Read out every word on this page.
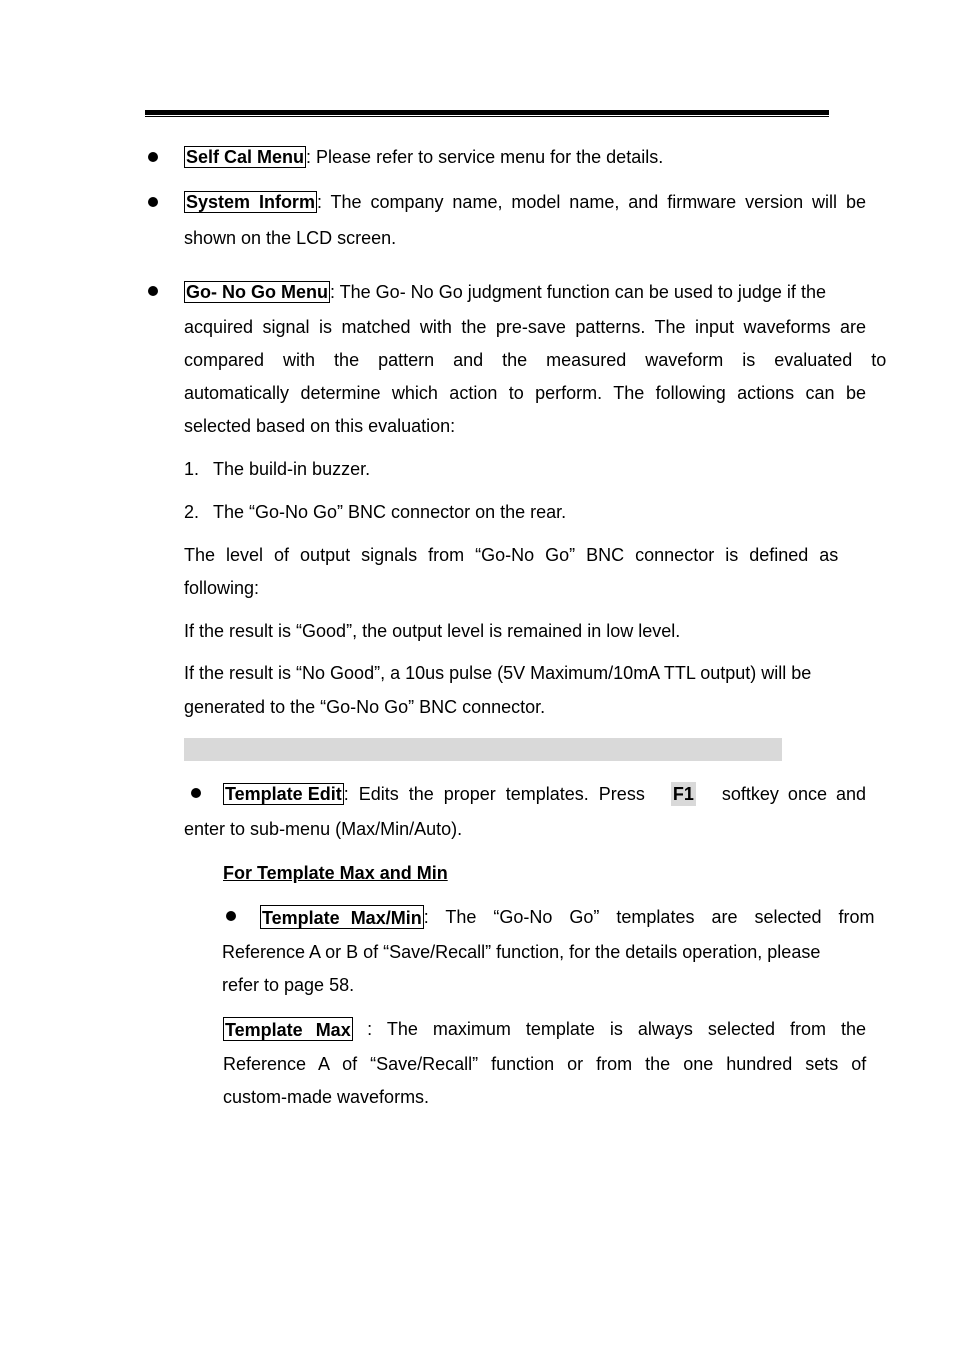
Self Cal Menu : Please refer to service menu for the details.
System Inform : The company name, model name, and firmware version will be
shown on the LCD screen.
Go- No Go Menu : The Go- No Go judgment function can be used to judge if the
acquired signal is matched with the pre-save patterns. The input waveforms are
compared with the pattern and the measured waveform is evaluated to
automatically determine which action to perform. The following actions can be
selected based on this evaluation:
1. The build-in buzzer.
2. The “Go-No Go” BNC connector on the rear.
The level of output signals from “Go-No Go” BNC connector is defined as
following:
If the result is “Good”, the output level is remained in low level.
If the result is “No Good”, a 10us pulse (5V Maximum/10mA TTL output) will be
generated to the “Go-No Go” BNC connector.
Template Edit : Edits the proper templates. Press F1 softkey once and
enter to sub-menu (Max/Min/Auto).
For Template Max and Min
Template Max/Min : The “Go-No Go” templates are selected from
Reference A or B of “Save/Recall” function, for the details operation, please
refer to page 58.
Template Max : The maximum template is always selected from the
Reference A of “Save/Recall” function or from the one hundred sets of
custom-made waveforms.
